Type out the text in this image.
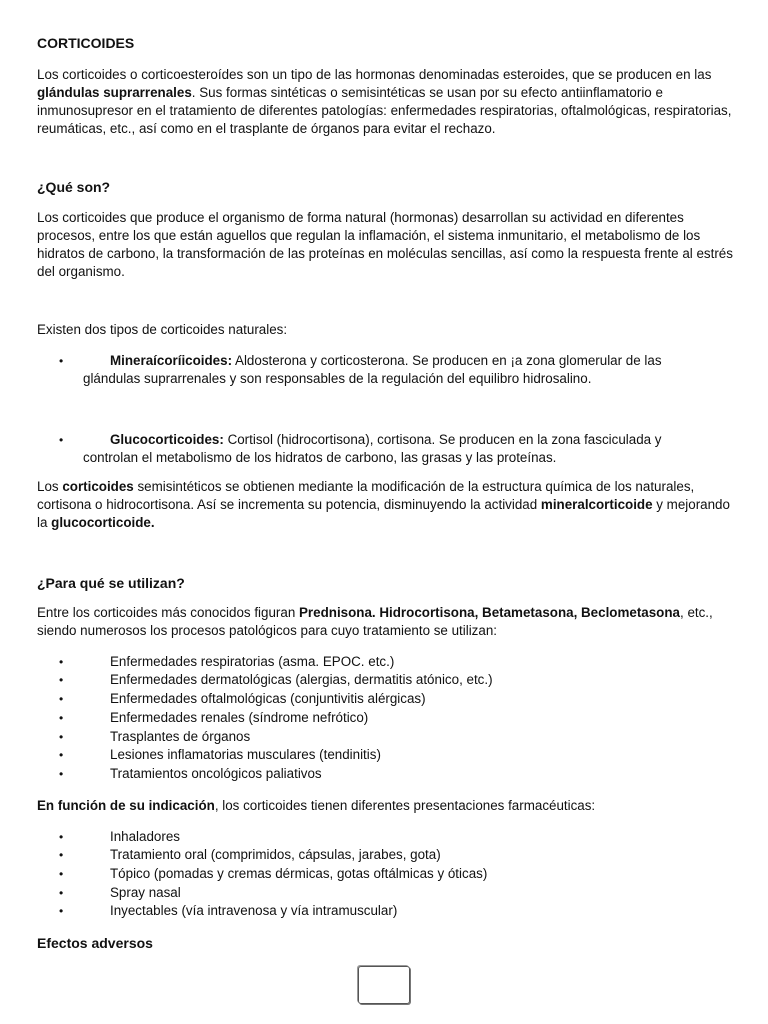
CORTICOIDES
Los corticoides o corticoesteroídes son un tipo de las hormonas denominadas esteroides, que se producen en las glándulas suprarrenales. Sus formas sintéticas o semisintéticas se usan por su efecto antiinflamatorio e inmunosupresor en el tratamiento de diferentes patologías: enfermedades respiratorias, oftalmológicas, respiratorias, reumáticas, etc., así como en el trasplante de órganos para evitar el rechazo.
¿Qué son?
Los corticoides que produce el organismo de forma natural (hormonas) desarrollan su actividad en diferentes procesos, entre los que están aguellos que regulan la inflamación, el sistema inmunitario, el metabolismo de los hidratos de carbono, la transformación de las proteínas en moléculas sencillas, así como la respuesta frente al estrés del organismo.
Existen dos tipos de corticoides naturales:
•	Mineraícoríicoides: Aldosterona y corticosterona. Se producen en ¡a zona glomerular de las glándulas suprarrenales y son responsables de la regulación del equilibro hidrosalino.
•	Glucocorticoides: Cortisol (hidrocortisona), cortisona. Se producen en la zona fasciculada y controlan el metabolismo de los hidratos de carbono, las grasas y las proteínas.
Los corticoides semisintéticos se obtienen mediante la modificación de la estructura química de los naturales, cortisona o hidrocortisona. Así se incrementa su potencia, disminuyendo la actividad mineralcorticoide y mejorando la glucocorticoide.
¿Para qué se utilizan?
Entre los corticoides más conocidos figuran Prednisona. Hidrocortisona, Betametasona, Beclometasona, etc., siendo numerosos los procesos patológicos para cuyo tratamiento se utilizan:
•	Enfermedades respiratorias (asma. EPOC. etc.)
•	Enfermedades dermatológicas (alergias, dermatitis atónico, etc.)
•	Enfermedades oftalmológicas (conjuntivitis alérgicas)
•	Enfermedades renales (síndrome nefrótico)
•	Trasplantes de órganos
•	Lesiones inflamatorias musculares (tendinitis)
•	Tratamientos oncológicos paliativos
En función de su indicación, los corticoides tienen diferentes presentaciones farmacéuticas:
•	Inhaladores
•	Tratamiento oral (comprimidos, cápsulas, jarabes, gota)
•	Tópico (pomadas y cremas dérmicas, gotas oftálmicas y óticas)
•	Spray nasal
•	Inyectables (vía intravenosa y vía intramuscular)
Efectos adversos
